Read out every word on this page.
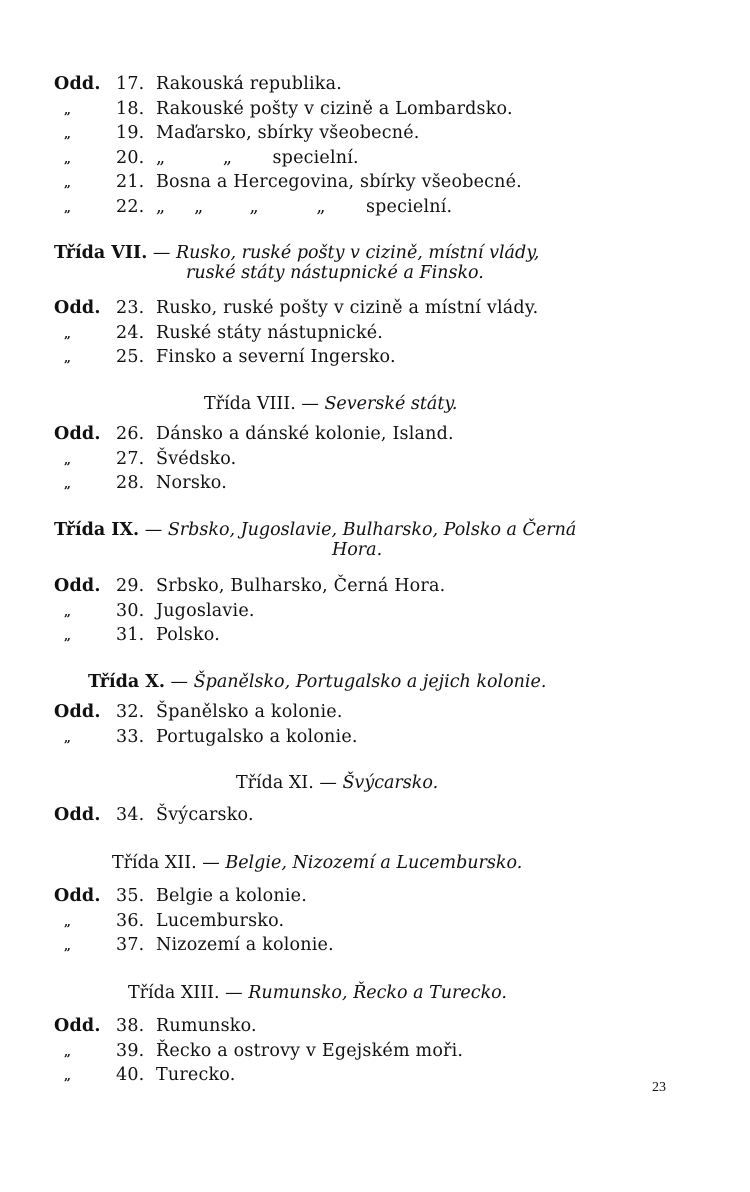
Odd. 17. Rakouská republika.
„	18. Rakouské pošty v cizině a Lombardsko.
„	19. Maďarsko, sbírky všeobecné.
„	20. „          „       specielní.
„	21. Bosna a Hercegovina, sbírky všeobecné.
„	22. „     „        „          „       specielní.
Třída VII. — Rusko, ruské pošty v cizině, místní vlády,
ruské státy nástupnické a Finsko.
Odd. 23. Rusko, ruské pošty v cizině a místní vlády.
„	24. Ruské státy nástupnické.
„	25. Finsko a severní Ingersko.
Třída VIII. — Severské státy.
Odd. 26. Dánsko a dánské kolonie, Island.
„	27. Švédsko.
„	28. Norsko.
Třída IX. — Srbsko, Jugoslavie, Bulharsko, Polsko a Černá
Hora.
Odd. 29. Srbsko, Bulharsko, Černá Hora.
„	30. Jugoslavie.
„	31. Polsko.
Třída X. — Španělsko, Portugalsko a jejich kolonie.
Odd. 32. Španělsko a kolonie.
„	33. Portugalsko a kolonie.
Třída XI. — Švýcarsko.
Odd. 34. Švýcarsko.
Třída XII. — Belgie, Nizozemí a Lucembursko.
Odd. 35. Belgie a kolonie.
„	36. Lucembursko.
„	37. Nizozemí a kolonie.
Třída XIII. — Rumunsko, Řecko a Turecko.
Odd. 38. Rumunsko.
„	39. Řecko a ostrovy v Egejském moři.
„	40. Turecko.
23
